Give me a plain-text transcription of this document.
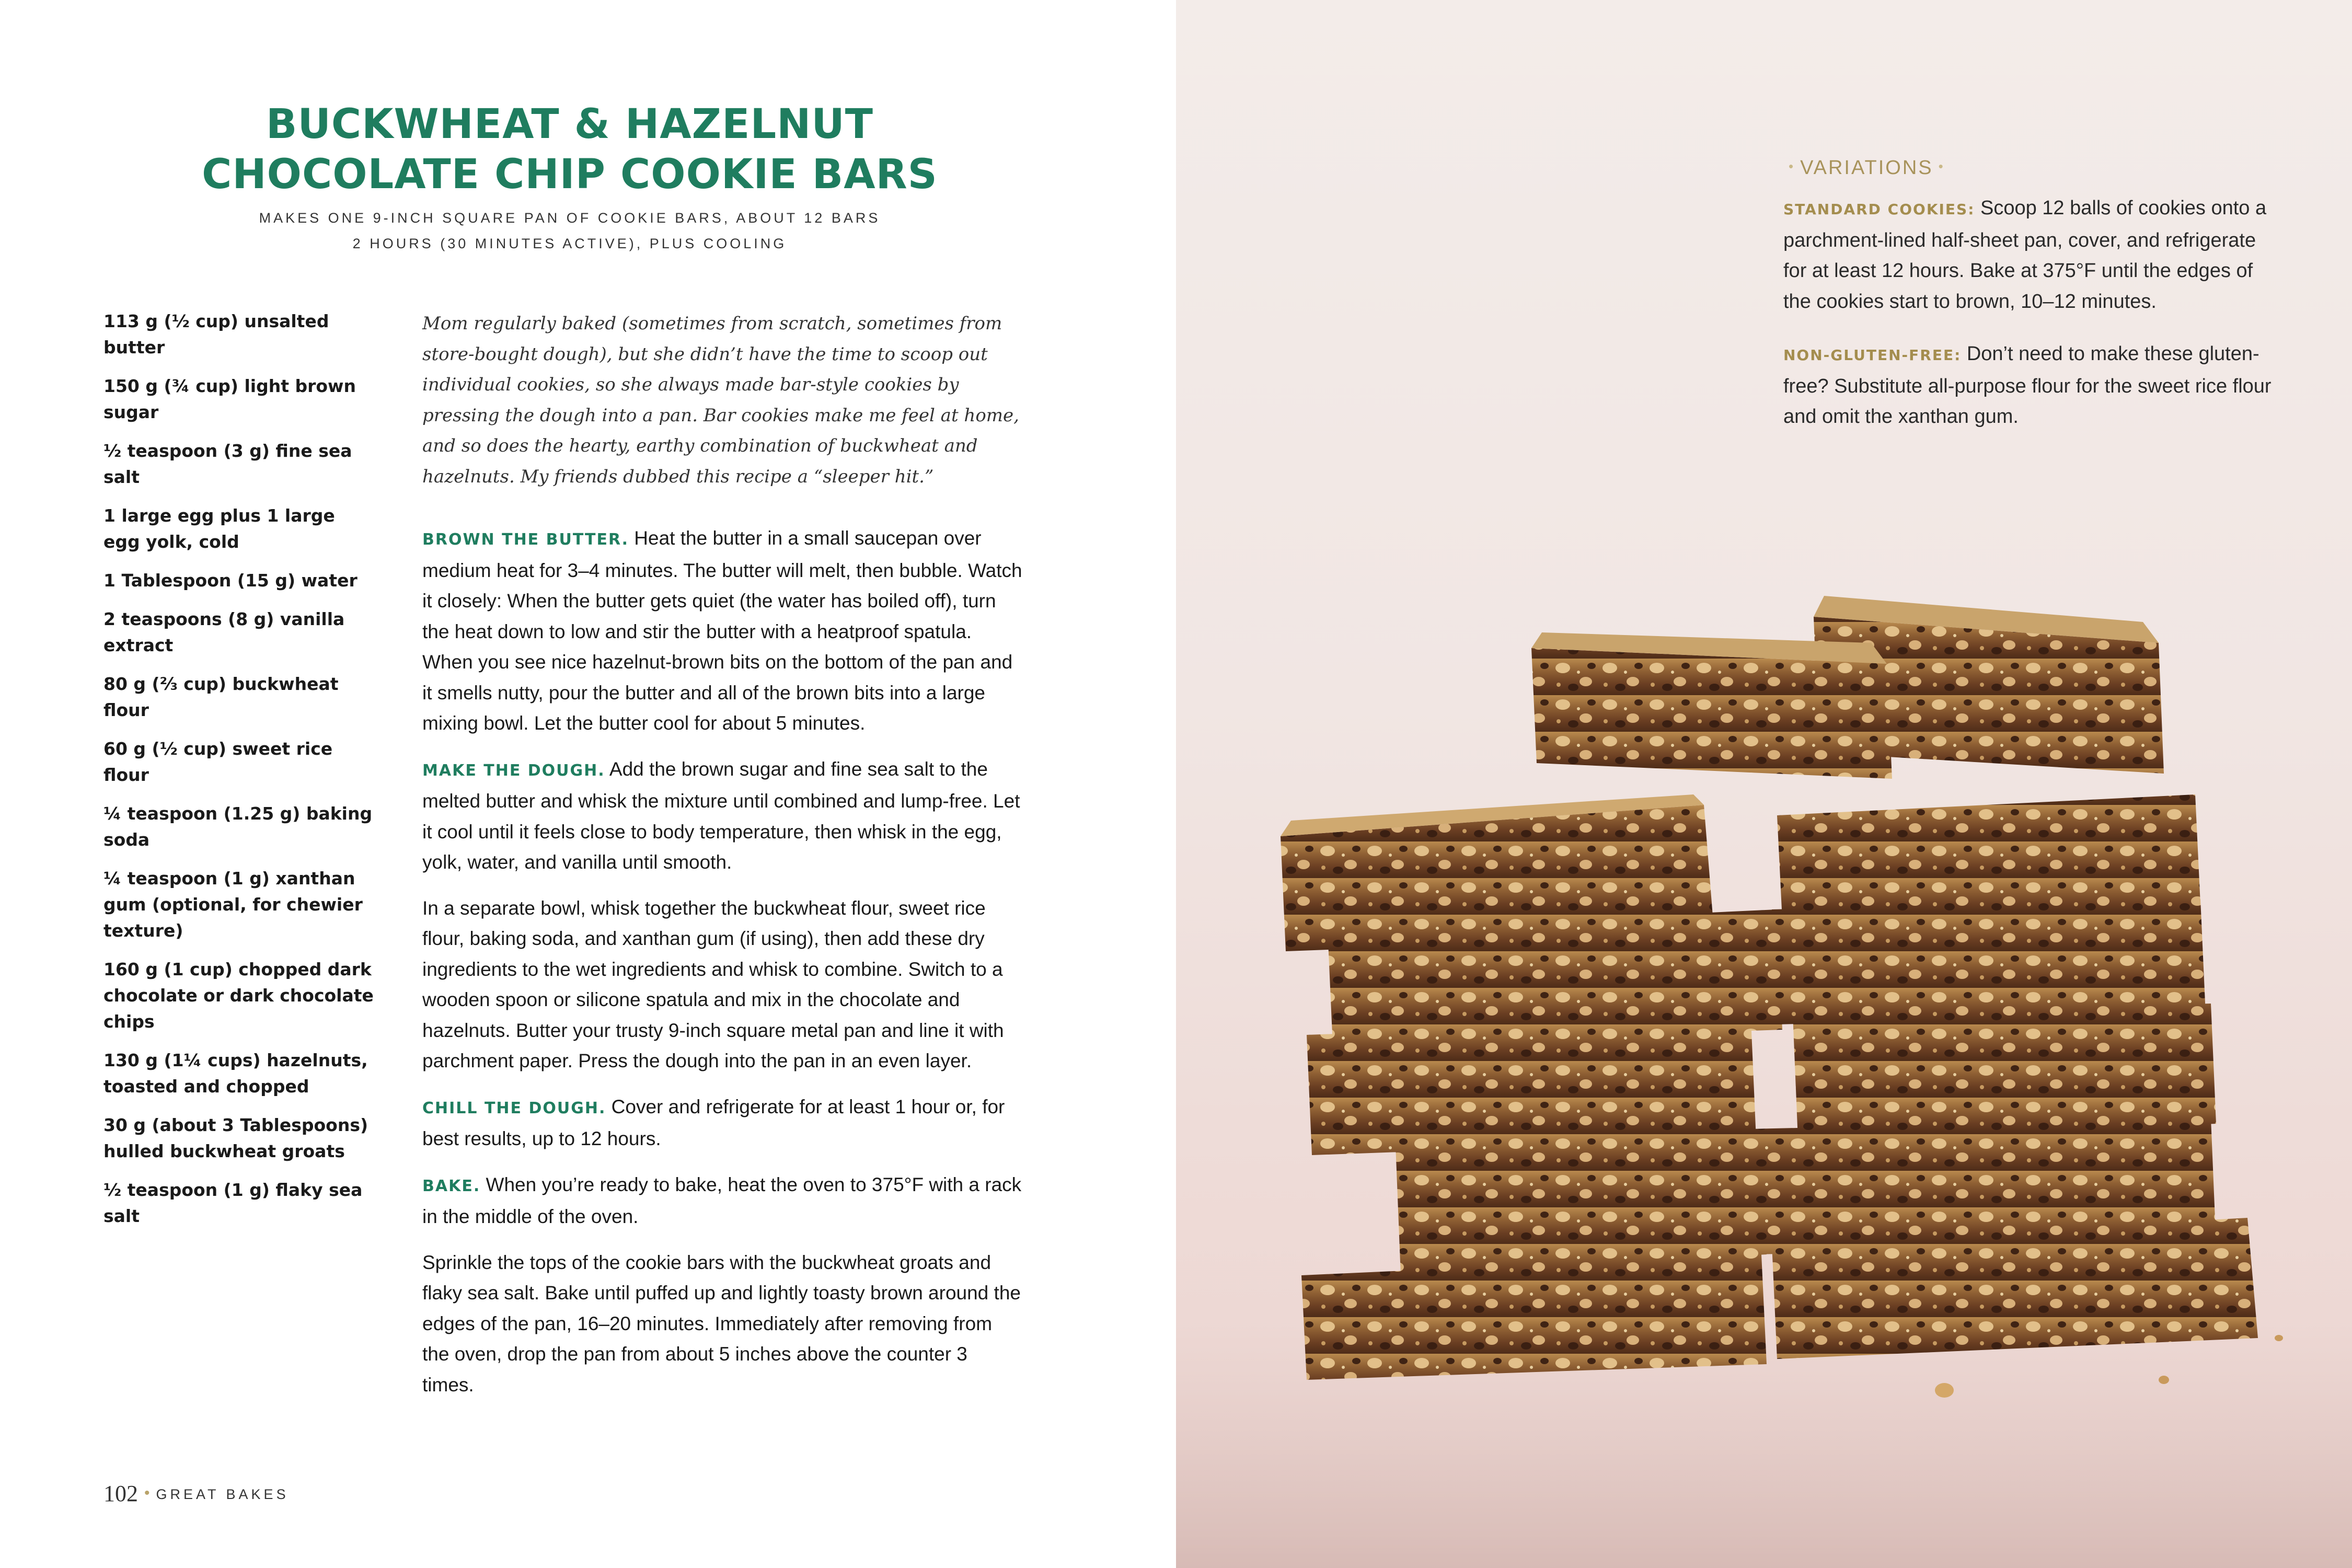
BUCKWHEAT & HAZELNUT
CHOCOLATE CHIP COOKIE BARS
MAKES ONE 9-INCH SQUARE PAN OF COOKIE BARS, ABOUT 12 BARS
2 HOURS (30 MINUTES ACTIVE), PLUS COOLING
113 g (½ cup) unsalted butter
150 g (¾ cup) light brown sugar
½ teaspoon (3 g) fine sea salt
1 large egg plus 1 large egg yolk, cold
1 Tablespoon (15 g) water
2 teaspoons (8 g) vanilla extract
80 g (⅔ cup) buckwheat flour
60 g (½ cup) sweet rice flour
¼ teaspoon (1.25 g) baking soda
¼ teaspoon (1 g) xanthan gum (optional, for chewier texture)
160 g (1 cup) chopped dark chocolate or dark chocolate chips
130 g (1¼ cups) hazelnuts, toasted and chopped
30 g (about 3 Tablespoons) hulled buckwheat groats
½ teaspoon (1 g) flaky sea salt

Mom regularly baked (sometimes from scratch, sometimes from store-bought dough), but she didn’t have the time to scoop out individual cookies, so she always made bar-style cookies by pressing the dough into a pan. Bar cookies make me feel at home, and so does the hearty, earthy combination of buckwheat and hazelnuts. My friends dubbed this recipe a “sleeper hit.”

BROWN THE BUTTER. Heat the butter in a small saucepan over medium heat for 3–4 minutes. The butter will melt, then bubble. Watch it closely: When the butter gets quiet (the water has boiled off), turn the heat down to low and stir the butter with a heatproof spatula. When you see nice hazelnut-brown bits on the bottom of the pan and it smells nutty, pour the butter and all of the brown bits into a large mixing bowl. Let the butter cool for about 5 minutes.

MAKE THE DOUGH. Add the brown sugar and fine sea salt to the melted butter and whisk the mixture until combined and lump-free. Let it cool until it feels close to body temperature, then whisk in the egg, yolk, water, and vanilla until smooth.

In a separate bowl, whisk together the buckwheat flour, sweet rice flour, baking soda, and xanthan gum (if using), then add these dry ingredients to the wet ingredients and whisk to combine. Switch to a wooden spoon or silicone spatula and mix in the chocolate and hazelnuts. Butter your trusty 9-inch square metal pan and line it with parchment paper. Press the dough into the pan in an even layer.

CHILL THE DOUGH. Cover and refrigerate for at least 1 hour or, for best results, up to 12 hours.

BAKE. When you’re ready to bake, heat the oven to 375°F with a rack in the middle of the oven.

Sprinkle the tops of the cookie bars with the buckwheat groats and flaky sea salt. Bake until puffed up and lightly toasty brown around the edges of the pan, 16–20 minutes. Immediately after removing from the oven, drop the pan from about 5 inches above the counter 3 times.

102 • GREAT BAKES
• VARIATIONS •

STANDARD COOKIES: Scoop 12 balls of cookies onto a parchment-lined half-sheet pan, cover, and refrigerate for at least 12 hours. Bake at 375°F until the edges of the cookies start to brown, 10–12 minutes.

NON-GLUTEN-FREE: Don’t need to make these gluten-free? Substitute all-purpose flour for the sweet rice flour and omit the xanthan gum.
